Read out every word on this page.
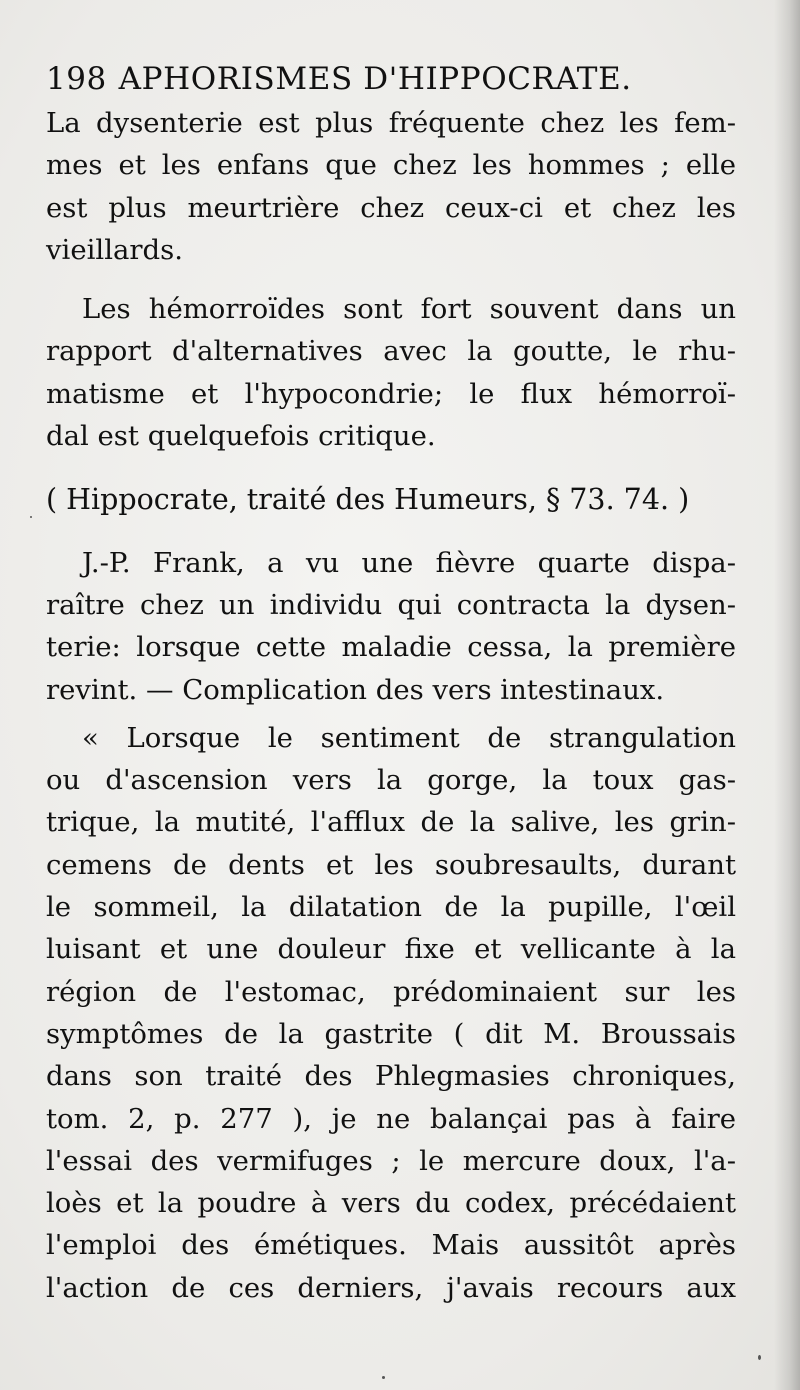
198 APHORISMES D'HIPPOCRATE.

La dysenterie est plus fréquente chez les fem-
mes et les enfans que chez les hommes ; elle
est plus meurtrière chez ceux-ci et chez les
vieillards.

Les hémorroïdes sont fort souvent dans un
rapport d'alternatives avec la goutte, le rhu-
matisme et l'hypocondrie; le flux hémorroï-
dal est quelquefois critique.

( Hippocrate, traité des Humeurs, § 73. 74. )

J.-P. Frank, a vu une fièvre quarte dispa-
raître chez un individu qui contracta la dysen-
terie: lorsque cette maladie cessa, la première
revint. — Complication des vers intestinaux.

« Lorsque le sentiment de strangulation
ou d'ascension vers la gorge, la toux gas-
trique, la mutité, l'afflux de la salive, les grin-
cemens de dents et les soubresaults, durant
le sommeil, la dilatation de la pupille, l'œil
luisant et une douleur fixe et vellicante à la
région de l'estomac, prédominaient sur les
symptômes de la gastrite ( dit M. Broussais
dans son traité des Phlegmasies chroniques,
tom. 2, p. 277 ), je ne balançai pas à faire
l'essai des vermifuges ; le mercure doux, l'a-
loès et la poudre à vers du codex, précédaient
l'emploi des émétiques. Mais aussitôt après
l'action de ces derniers, j'avais recours aux
